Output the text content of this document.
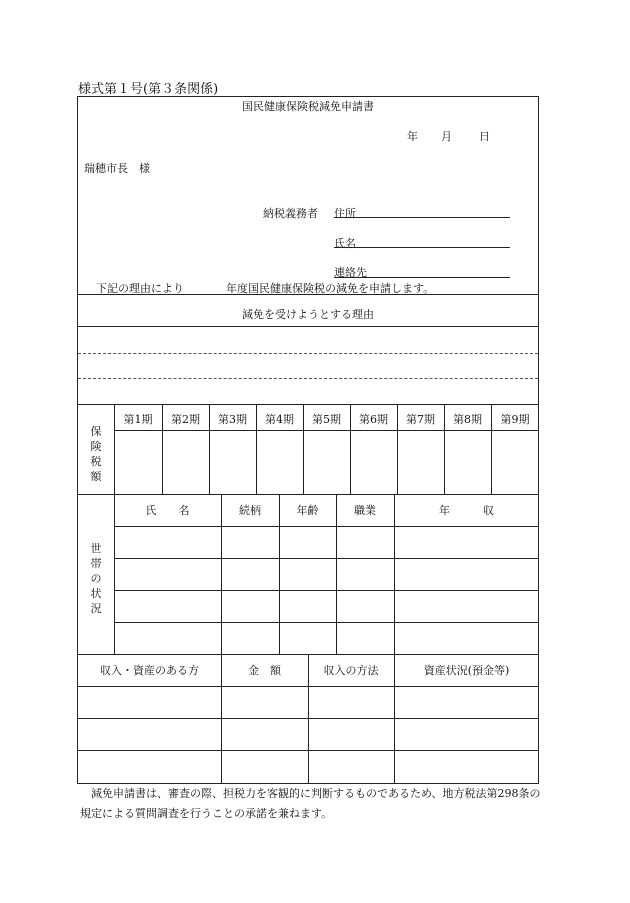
様式第１号(第３条関係)
国民健康保険税減免申請書
年 月 日
瑞穂市長　様
納税義務者 住所
氏名
連絡先
下記の理由により	年度国民健康保険税の減免を申請します。
減免を受けようとする理由
保
険
税
額
第1期	第2期	第3期	第4期	第5期	第6期	第7期	第8期	第9期
世
帯
の
状
況
氏　　名	続柄	年齢	職業	年　　　収
収入・資産のある方	金　額	収入の方法	資産状況(預金等)
減免申請書は、審査の際、担税力を客観的に判断するものであるため、地方税法第298条の規定による質問調査を行うことの承諾を兼ねます。
